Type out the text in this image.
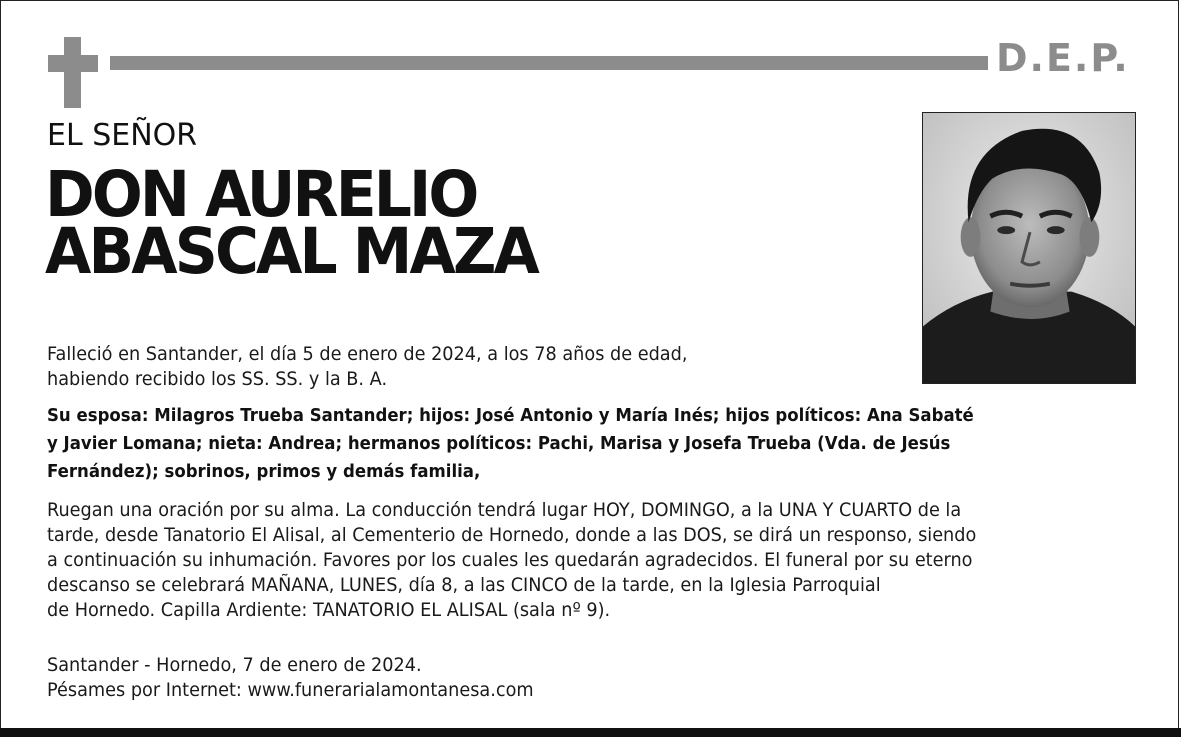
D.E.P.
EL SEÑOR
DON AURELIO
ABASCAL MAZA
Falleció en Santander, el día 5 de enero de 2024, a los 78 años de edad,
habiendo recibido los SS. SS. y la B. A.
Su esposa: Milagros Trueba Santander; hijos: José Antonio y María Inés; hijos políticos: Ana Sabaté
y Javier Lomana; nieta: Andrea; hermanos políticos: Pachi, Marisa y Josefa Trueba (Vda. de Jesús
Fernández); sobrinos, primos y demás familia,
Ruegan una oración por su alma. La conducción tendrá lugar HOY, DOMINGO, a la UNA Y CUARTO de la
tarde, desde Tanatorio El Alisal, al Cementerio de Hornedo, donde a las DOS, se dirá un responso, siendo
a continuación su inhumación. Favores por los cuales les quedarán agradecidos. El funeral por su eterno
descanso se celebrará MAÑANA, LUNES, día 8, a las CINCO de la tarde, en la Iglesia Parroquial
de Hornedo. Capilla Ardiente: TANATORIO EL ALISAL (sala nº 9).
Santander - Hornedo, 7 de enero de 2024.
Pésames por Internet: www.funerarialamontanesa.com
